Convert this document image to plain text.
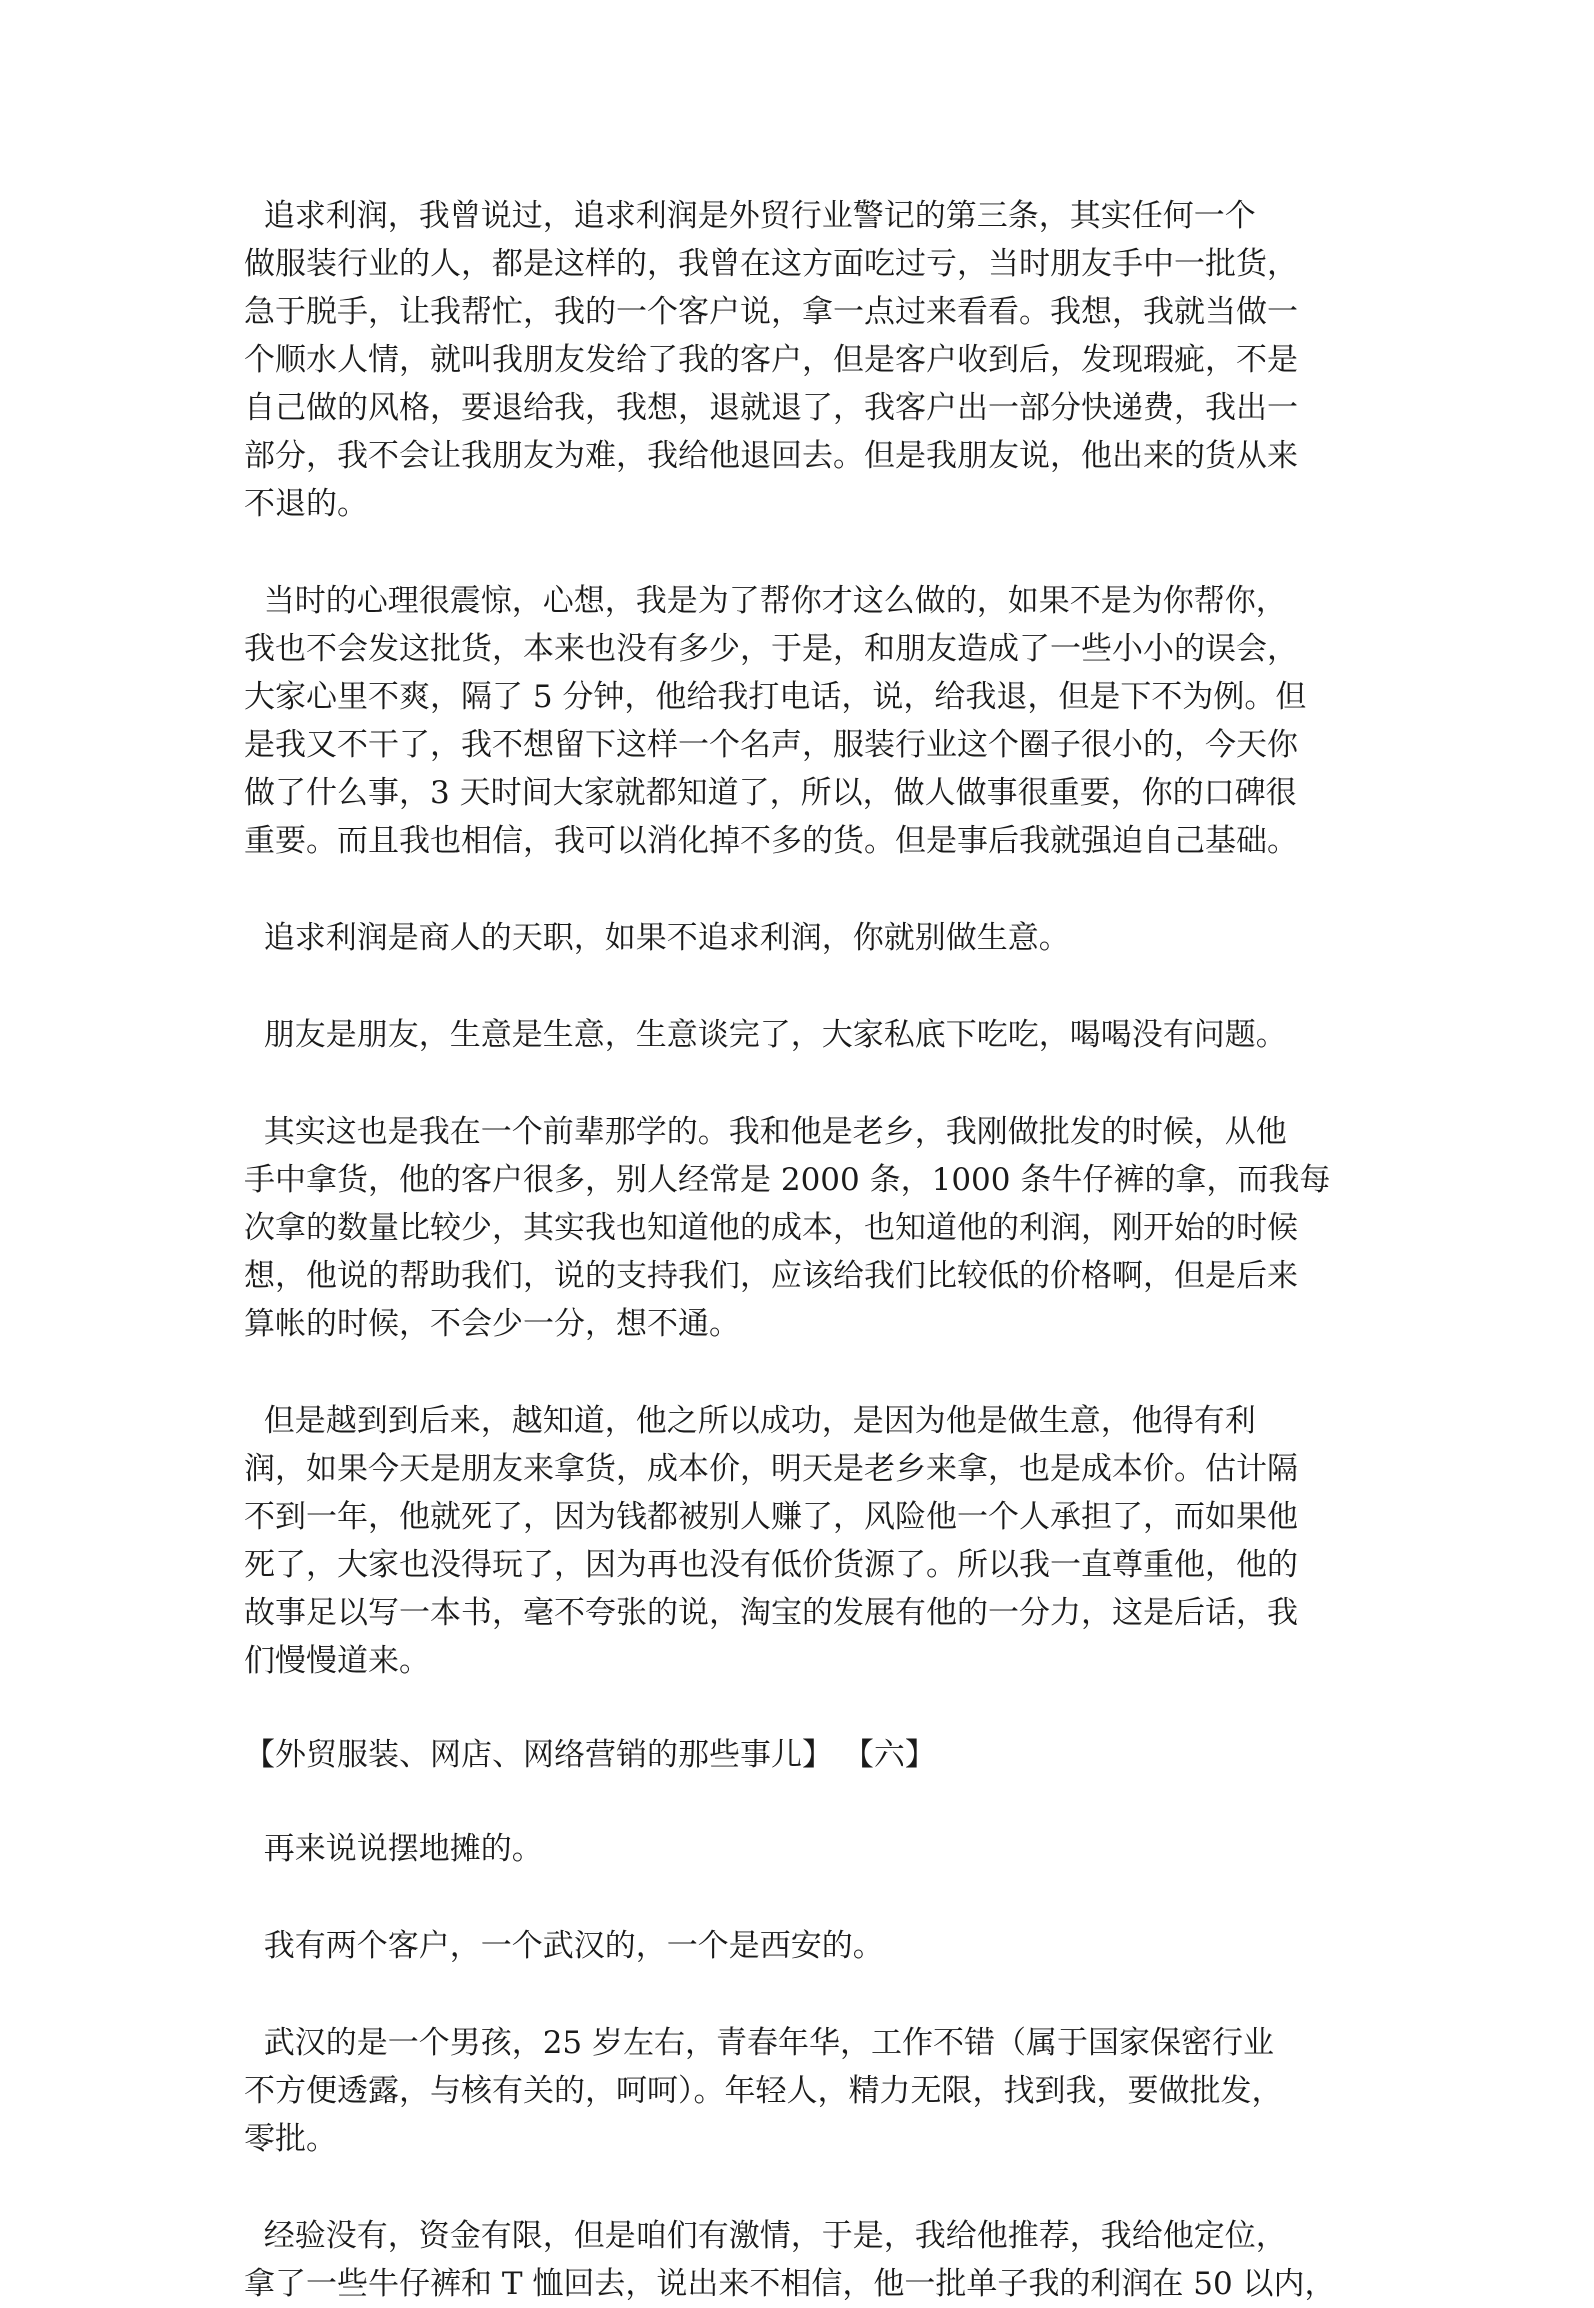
追求利润，我曾说过，追求利润是外贸行业警记的第三条，其实任何一个
做服装行业的人，都是这样的，我曾在这方面吃过亏，当时朋友手中一批货，
急于脱手，让我帮忙，我的一个客户说，拿一点过来看看。我想，我就当做一
个顺水人情，就叫我朋友发给了我的客户，但是客户收到后，发现瑕疵，不是
自己做的风格，要退给我，我想，退就退了，我客户出一部分快递费，我出一
部分，我不会让我朋友为难，我给他退回去。但是我朋友说，他出来的货从来
不退的。

当时的心理很震惊，心想，我是为了帮你才这么做的，如果不是为你帮你，
我也不会发这批货，本来也没有多少，于是，和朋友造成了一些小小的误会，
大家心里不爽，隔了 5 分钟，他给我打电话，说，给我退，但是下不为例。但
是我又不干了，我不想留下这样一个名声，服装行业这个圈子很小的，今天你
做了什么事，3 天时间大家就都知道了，所以，做人做事很重要，你的口碑很
重要。而且我也相信，我可以消化掉不多的货。但是事后我就强迫自己基础。

追求利润是商人的天职，如果不追求利润，你就别做生意。

朋友是朋友，生意是生意，生意谈完了，大家私底下吃吃，喝喝没有问题。

其实这也是我在一个前辈那学的。我和他是老乡，我刚做批发的时候，从他
手中拿货，他的客户很多，别人经常是 2000 条，1000 条牛仔裤的拿，而我每
次拿的数量比较少，其实我也知道他的成本，也知道他的利润，刚开始的时候
想，他说的帮助我们，说的支持我们，应该给我们比较低的价格啊，但是后来
算帐的时候，不会少一分，想不通。

但是越到到后来，越知道，他之所以成功，是因为他是做生意，他得有利
润，如果今天是朋友来拿货，成本价，明天是老乡来拿，也是成本价。估计隔
不到一年，他就死了，因为钱都被别人赚了，风险他一个人承担了，而如果他
死了，大家也没得玩了，因为再也没有低价货源了。所以我一直尊重他，他的
故事足以写一本书，毫不夸张的说，淘宝的发展有他的一分力，这是后话，我
们慢慢道来。

【外贸服装、网店、网络营销的那些事儿】 【六】

再来说说摆地摊的。

我有两个客户，一个武汉的，一个是西安的。

武汉的是一个男孩，25 岁左右，青春年华，工作不错（属于国家保密行业
不方便透露，与核有关的，呵呵）。年轻人，精力无限，找到我，要做批发，
零批。

经验没有，资金有限，但是咱们有激情，于是，我给他推荐，我给他定位，
拿了一些牛仔裤和 T 恤回去，说出来不相信，他一批单子我的利润在 50 以内，
